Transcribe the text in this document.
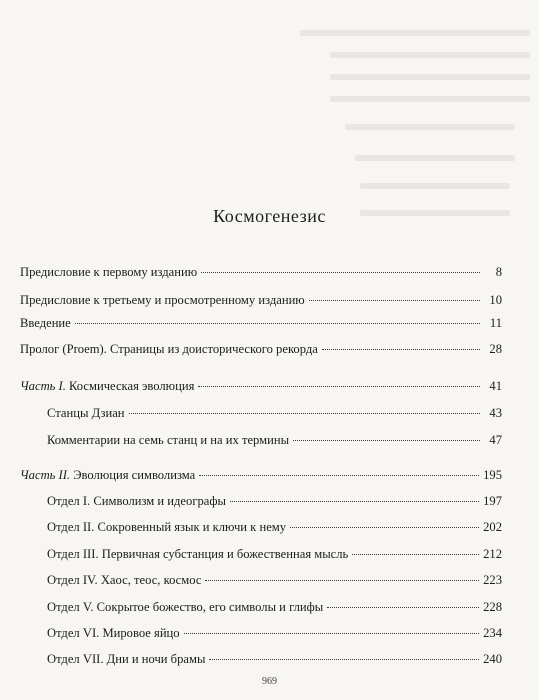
Космогенезис
Предисловие к первому изданию	8
Предисловие к третьему и просмотренному изданию	10
Введение	11
Пролог (Proem). Страницы из доисторического рекорда	28
Часть I. Космическая эволюция	41
Станцы Дзиан	43
Комментарии на семь станц и на их термины	47
Часть II. Эволюция символизма	195
Отдел I. Символизм и идеографы	197
Отдел II. Сокровенный язык и ключи к нему	202
Отдел III. Первичная субстанция и божественная мысль	212
Отдел IV. Хаос, теос, космос	223
Отдел V. Сокрытое божество, его символы и глифы	228
Отдел VI. Мировое яйцо	234
Отдел VII. Дни и ночи брамы	240
969
